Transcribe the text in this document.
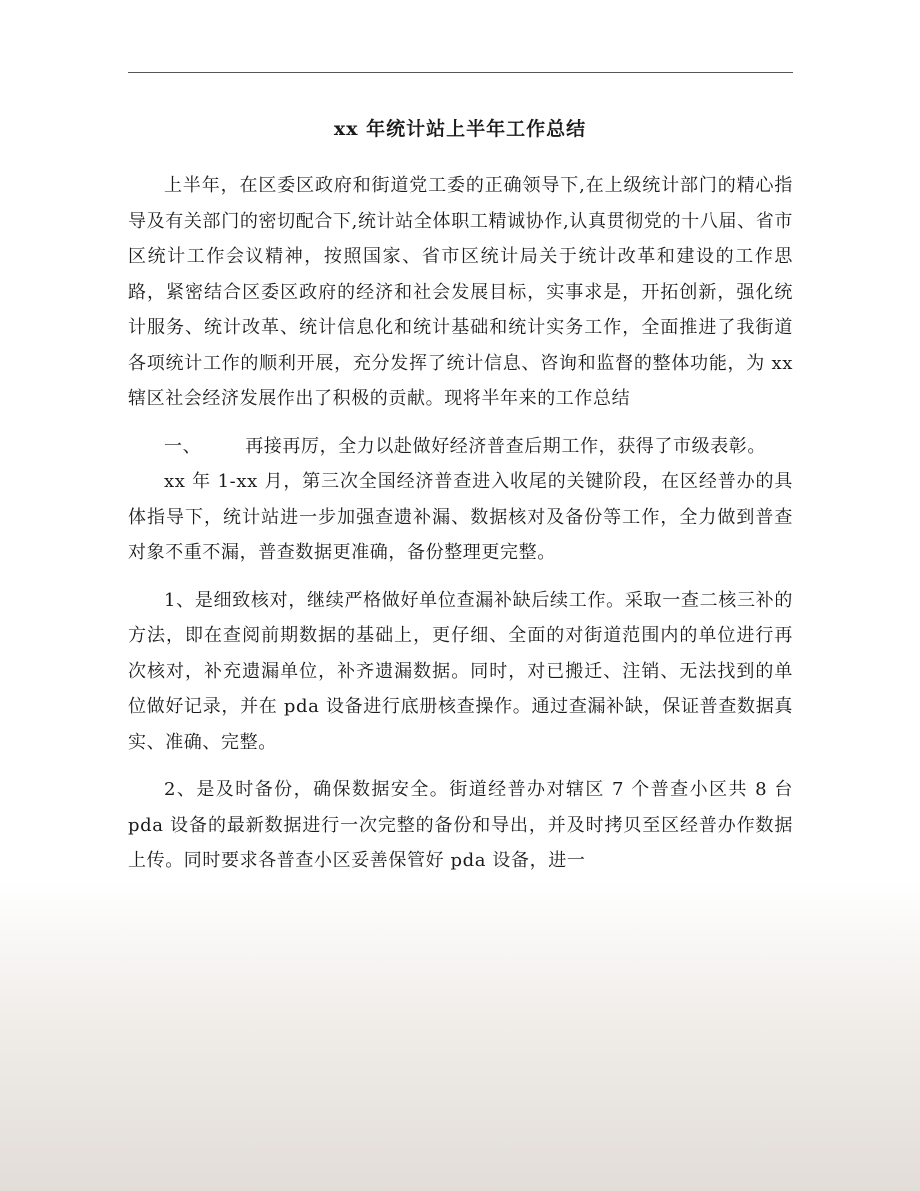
xx 年统计站上半年工作总结

上半年，在区委区政府和街道党工委的正确领导下,在上级统计部门的精心指导及有关部门的密切配合下,统计站全体职工精诚协作,认真贯彻党的十八届、省市区统计工作会议精神，按照国家、省市区统计局关于统计改革和建设的工作思路，紧密结合区委区政府的经济和社会发展目标，实事求是，开拓创新，强化统计服务、统计改革、统计信息化和统计基础和统计实务工作，全面推进了我街道各项统计工作的顺利开展，充分发挥了统计信息、咨询和监督的整体功能，为 xx 辖区社会经济发展作出了积极的贡献。现将半年来的工作总结

一、 再接再厉，全力以赴做好经济普查后期工作，获得了市级表彰。

xx 年 1-xx 月，第三次全国经济普查进入收尾的关键阶段，在区经普办的具体指导下，统计站进一步加强查遗补漏、数据核对及备份等工作，全力做到普查对象不重不漏，普查数据更准确，备份整理更完整。

1、是细致核对，继续严格做好单位查漏补缺后续工作。采取一查二核三补的方法，即在查阅前期数据的基础上，更仔细、全面的对街道范围内的单位进行再次核对，补充遗漏单位，补齐遗漏数据。同时，对已搬迁、注销、无法找到的单位做好记录，并在 pda 设备进行底册核查操作。通过查漏补缺，保证普查数据真实、准确、完整。

2、是及时备份，确保数据安全。街道经普办对辖区 7 个普查小区共 8 台 pda 设备的最新数据进行一次完整的备份和导出，并及时拷贝至区经普办作数据上传。同时要求各普查小区妥善保管好 pda 设备，进一
